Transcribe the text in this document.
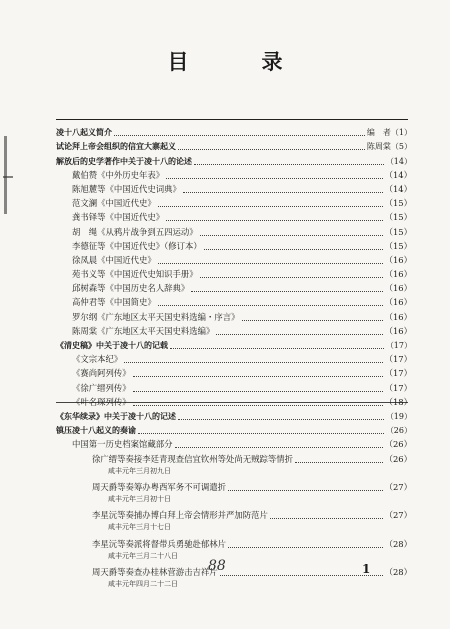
目　录
凌十八起义简介	编　者（1）
试论拜上帝会组织的信宜大寨起义	陈周棠（5）
解放后的史学著作中关于凌十八的论述	（14）
戴伯赞《中外历史年表》	（14）
陈旭麓等《中国近代史词典》	（14）
范文澜《中国近代史》	（15）
龚书铎等《中国近代史》	（15）
胡　绳《从鸦片战争到五四运动》	（15）
李德征等《中国近代史》（修订本）	（15）
徐凤晨《中国近代史》	（16）
苑书义等《中国近代史知识手册》	（16）
邱树森等《中国历史名人辞典》	（16）
高仲君等《中国简史》	（16）
罗尔纲《广东地区太平天国史料选编・序言》	（16）
陈周棠《广东地区太平天国史料选编》	（16）
《清史稿》中关于凌十八的记载	（17）
《文宗本纪》	（17）
《赛尚阿列传》	（17）
《徐广缙列传》	（17）
《叶名琛列传》	（18）
《东华续录》中关于凌十八的记述	（19）
镇压凌十八起义的奏谕	（26）
中国第一历史档案馆藏部分	（26）
徐广缙等奏接李廷青现查信宜钦州等处尚无贼踪等情折	（26）
咸丰元年三月初九日
周天爵等奏筹办粤西军务不可调遣折	（27）
咸丰元年三月初十日
李星沅等奏捕办博白拜上帝会情形并严加防范片	（27）
咸丰元年三月十七日
李星沅等奏派将督带兵勇驰赴郁林片	（28）
咸丰元年三月二十八日
周天爵等奏查办桂林营游击吉祥片	（28）
咸丰元年四月二十二日
88	1
